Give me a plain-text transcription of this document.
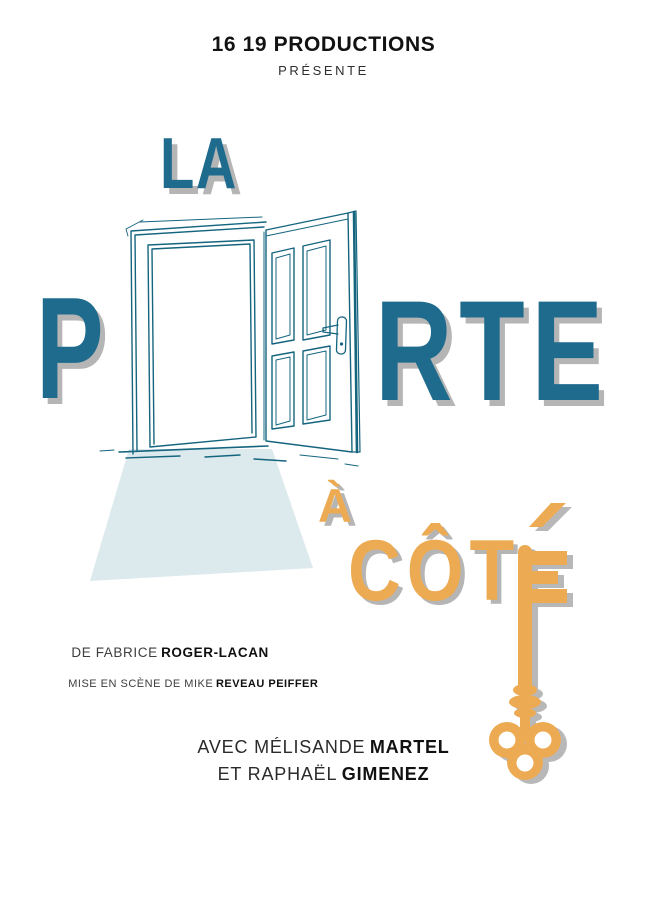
16 19 PRODUCTIONS
PRÉSENTE
LA
P RTE
À
CÔT

DE FABRICE ROGER-LACAN

MISE EN SCÈNE DE MIKE REVEAU PEIFFER

AVEC MÉLISANDE MARTEL
ET RAPHAËL GIMENEZ
